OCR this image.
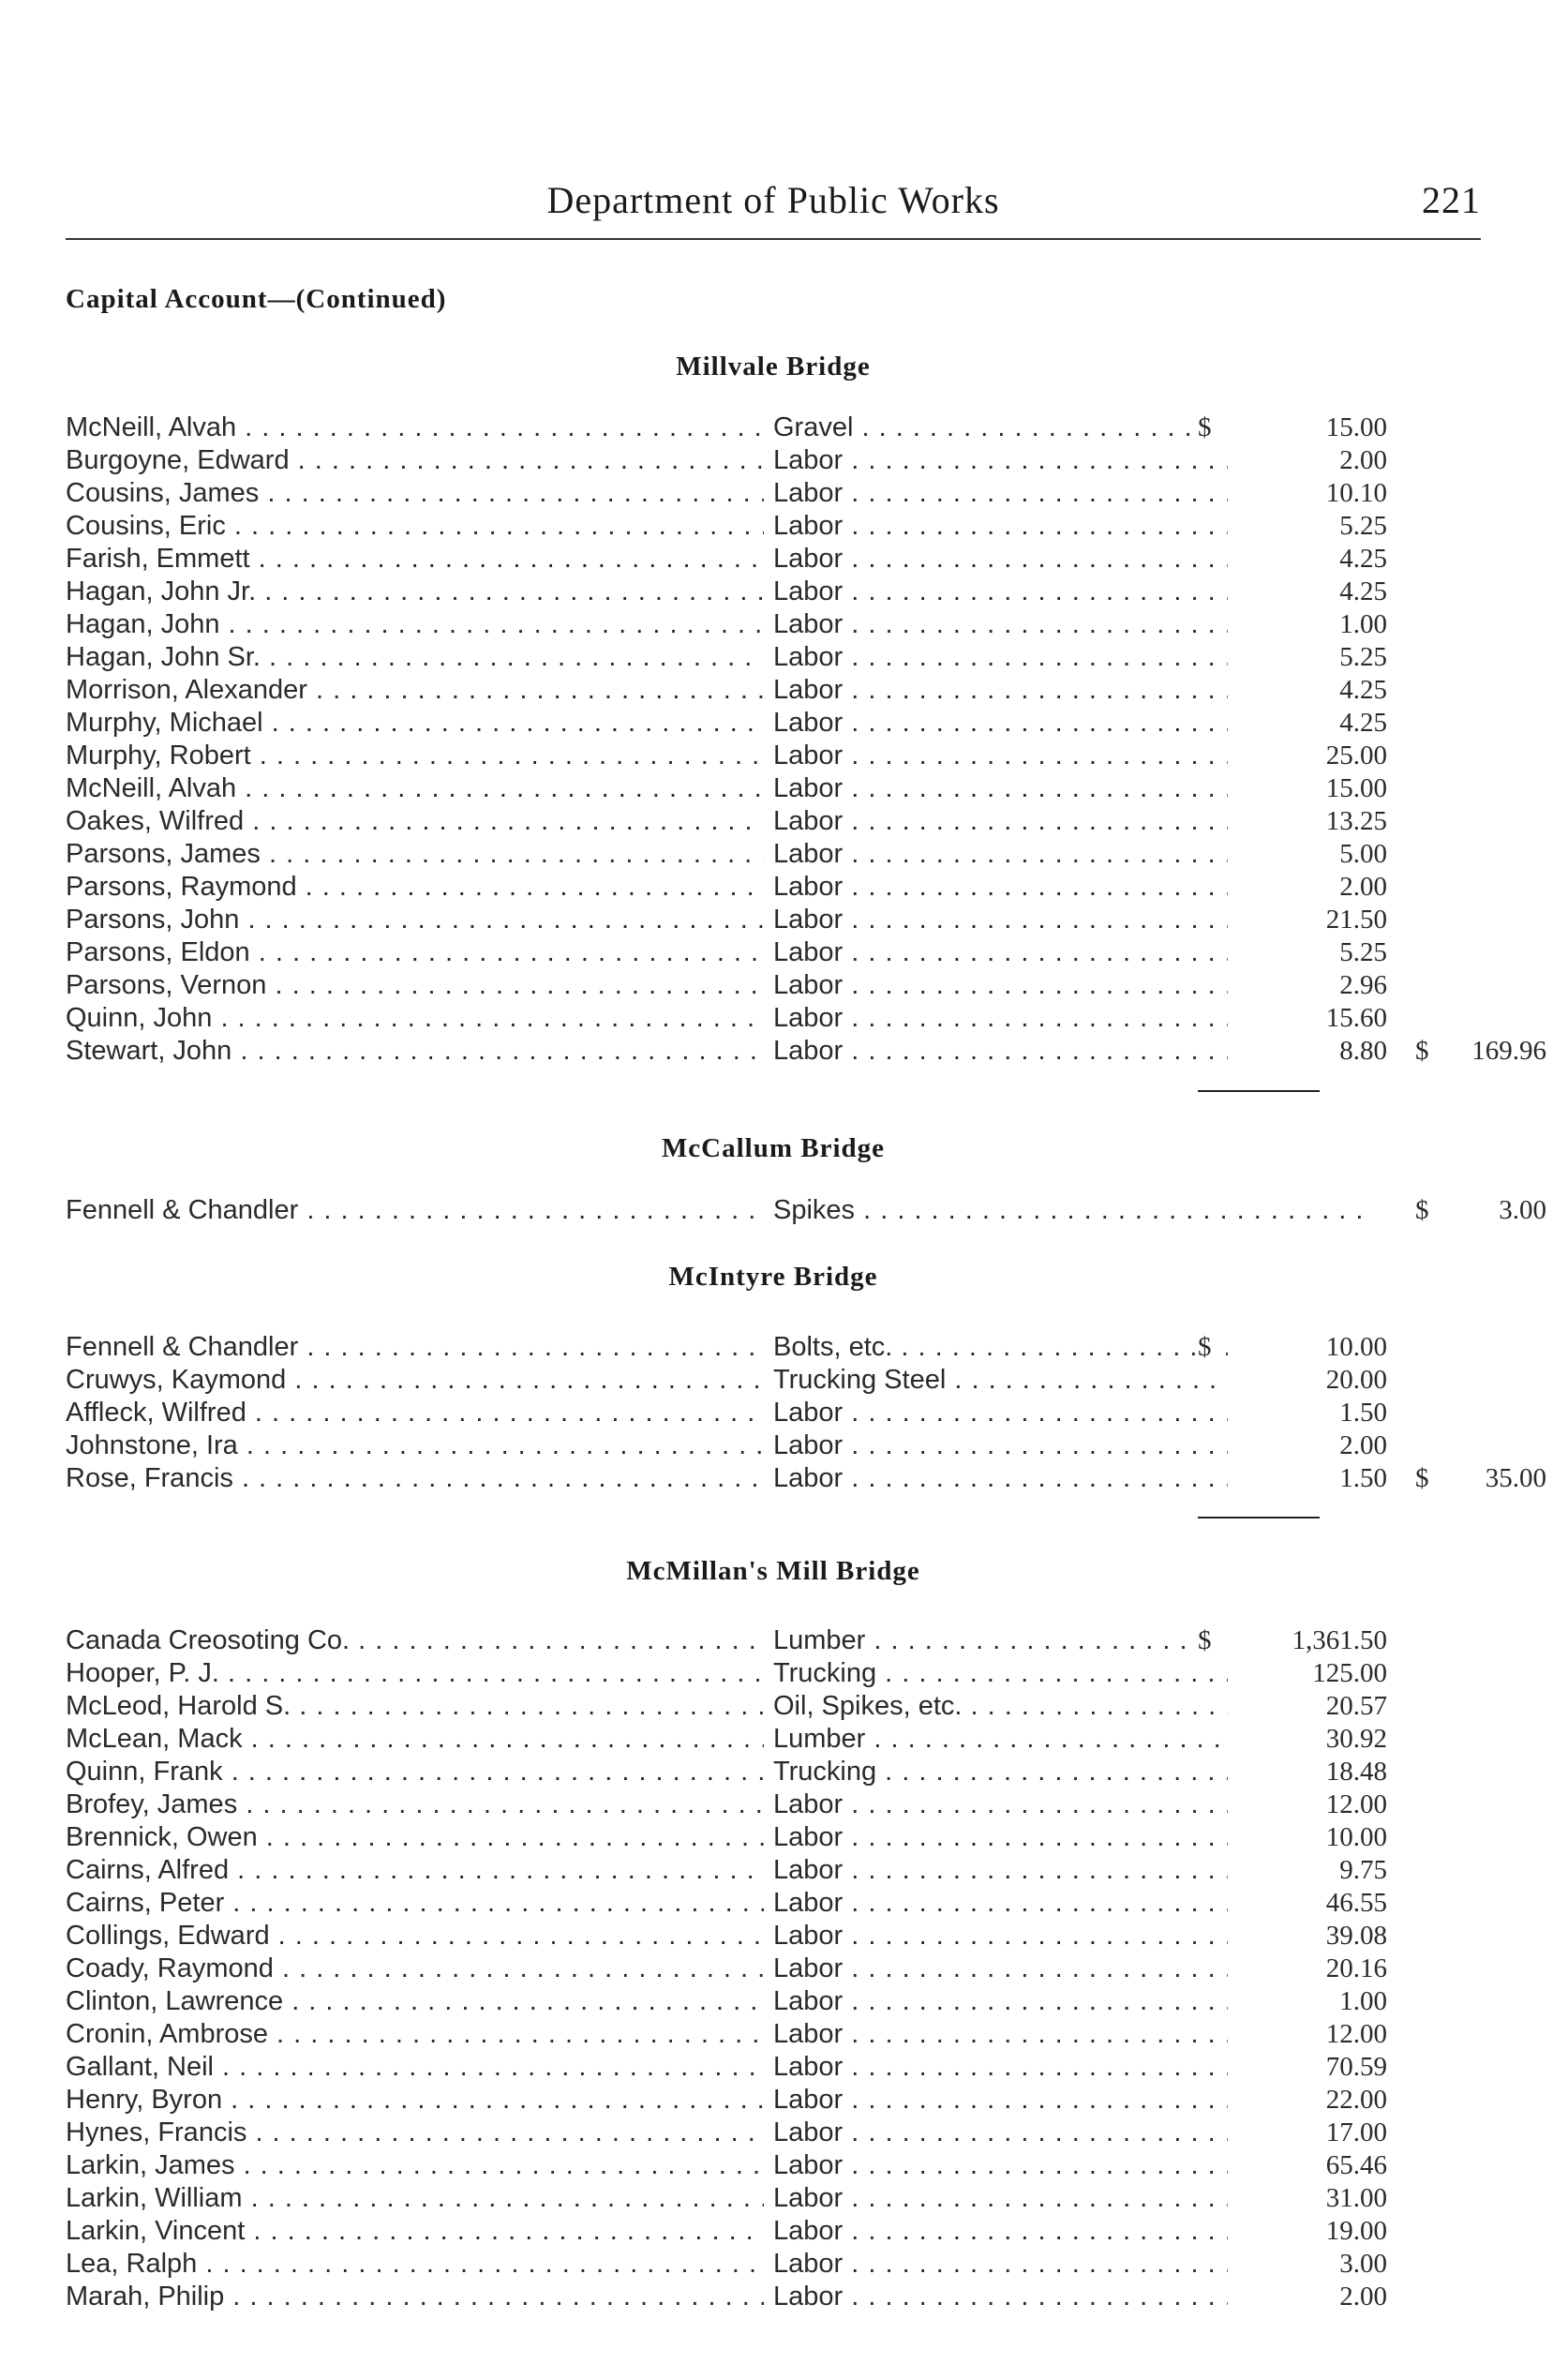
Department of Public Works	221
Capital Account—(Continued)
Millvale Bridge
McNeill, Alvah . . .	Gravel . . .	$	15.00
Burgoyne, Edward . . .	Labor . . .	2.00
Cousins, James . . .	Labor . . .	10.10
Cousins, Eric . . .	Labor . . .	5.25
Farish, Emmett . . .	Labor . . .	4.25
Hagan, John Jr. . . .	Labor . . .	4.25
Hagan, John . . .	Labor . . .	1.00
Hagan, John Sr. . . .	Labor . . .	5.25
Morrison, Alexander . . .	Labor . . .	4.25
Murphy, Michael . . .	Labor . . .	4.25
Murphy, Robert . . .	Labor . . .	25.00
McNeill, Alvah . . .	Labor . . .	15.00
Oakes, Wilfred . . .	Labor . . .	13.25
Parsons, James . . .	Labor . . .	5.00
Parsons, Raymond . . .	Labor . . .	2.00
Parsons, John . . .	Labor . . .	21.50
Parsons, Eldon . . .	Labor . . .	5.25
Parsons, Vernon . . .	Labor . . .	2.96
Quinn, John . . .	Labor . . .	15.60
Stewart, John . . .	Labor . . .	8.80 $	169.96
McCallum Bridge
Fennell & Chandler . . .	Spikes . . .	$	3.00
McIntyre Bridge
Fennell & Chandler . . .	Bolts, etc. . . .	$	10.00
Cruwys, Kaymond . . .	Trucking Steel . . .	20.00
Affleck, Wilfred . . .	Labor . . .	1.50
Johnstone, Ira . . .	Labor . . .	2.00
Rose, Francis . . .	Labor . . .	1.50 $	35.00
McMillan's Mill Bridge
Canada Creosoting Co. . . .	Lumber . . .	$	1,361.50
Hooper, P. J. . . .	Trucking . . .	125.00
McLeod, Harold S. . . .	Oil, Spikes, etc. . . .	20.57
McLean, Mack . . .	Lumber . . .	30.92
Quinn, Frank . . .	Trucking . . .	18.48
Brofey, James . . .	Labor . . .	12.00
Brennick, Owen . . .	Labor . . .	10.00
Cairns, Alfred . . .	Labor . . .	9.75
Cairns, Peter . . .	Labor . . .	46.55
Collings, Edward . . .	Labor . . .	39.08
Coady, Raymond . . .	Labor . . .	20.16
Clinton, Lawrence . . .	Labor . . .	1.00
Cronin, Ambrose . . .	Labor . . .	12.00
Gallant, Neil . . .	Labor . . .	70.59
Henry, Byron . . .	Labor . . .	22.00
Hynes, Francis . . .	Labor . . .	17.00
Larkin, James . . .	Labor . . .	65.46
Larkin, William . . .	Labor . . .	31.00
Larkin, Vincent . . .	Labor . . .	19.00
Lea, Ralph . . .	Labor . . .	3.00
Marah, Philip . . .	Labor . . .	2.00
